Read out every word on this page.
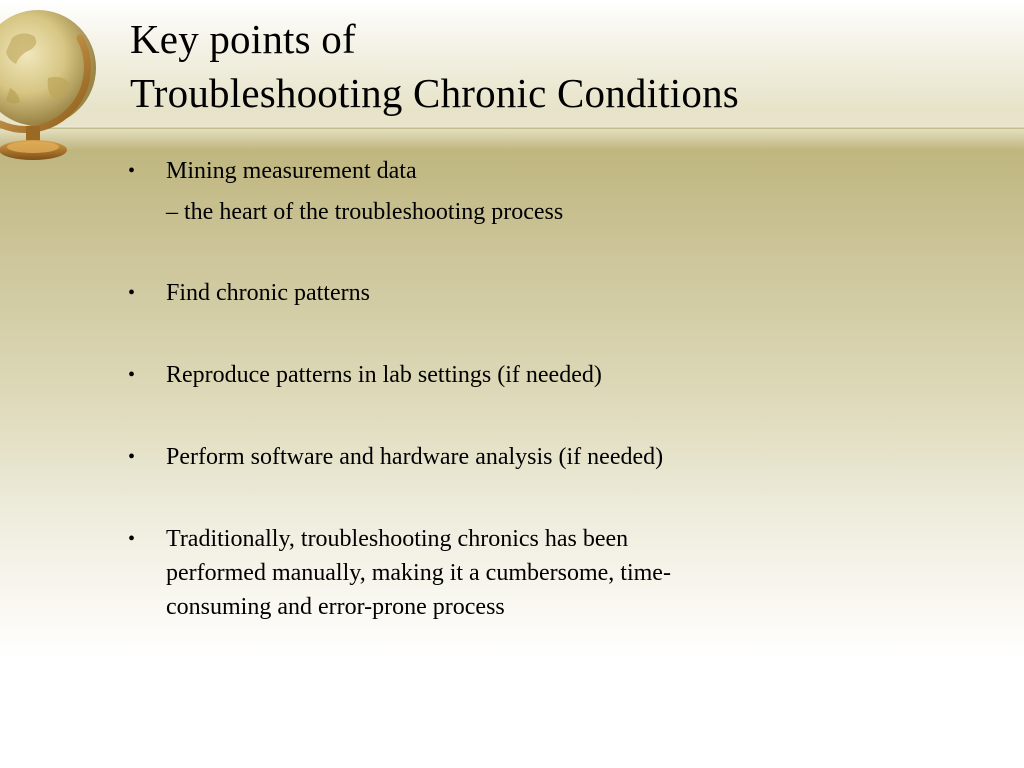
Key points of
Troubleshooting Chronic Conditions
•	Mining measurement data
– the heart of the troubleshooting process
•	Find chronic patterns
•	Reproduce patterns in lab settings (if needed)
•	Perform software and hardware analysis (if needed)
•	Traditionally, troubleshooting chronics has been
performed manually, making it a cumbersome, time-
consuming and error-prone process
